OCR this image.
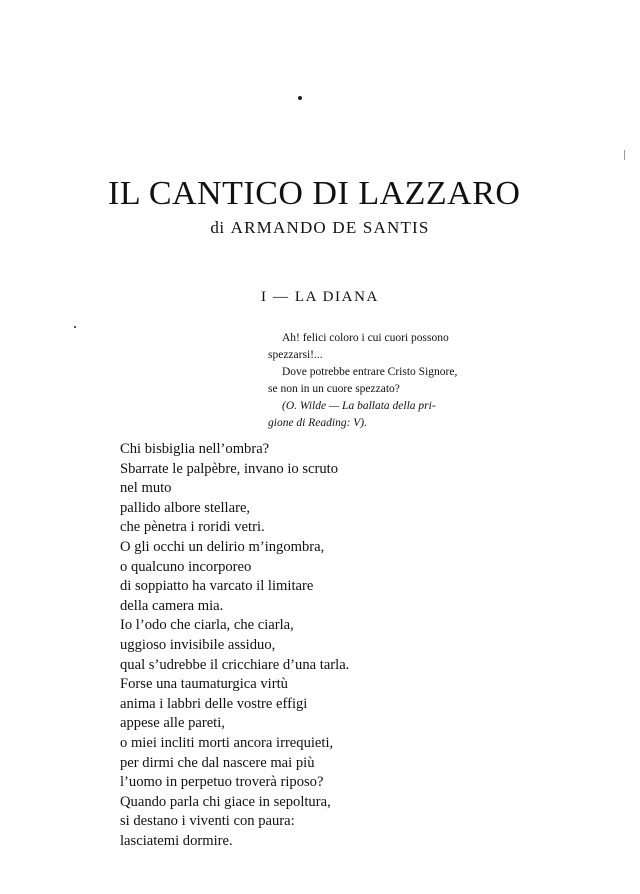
IL CANTICO DI LAZZARO
di ARMANDO DE SANTIS
I — LA DIANA
Ah! felici coloro i cui cuori possono
spezzarsi!...
Dove potrebbe entrare Cristo Signore,
se non in un cuore spezzato?
(O. Wilde — La ballata della pri-
gione di Reading: V).
Chi bisbiglia nell’ombra?
Sbarrate le palpèbre, invano io scruto
nel muto
pallido albore stellare,
che pènetra i roridi vetri.
O gli occhi un delirio m’ingombra,
o qualcuno incorporeo
di soppiatto ha varcato il limitare
della camera mia.
Io l’odo che ciarla, che ciarla,
uggioso invisibile assiduo,
qual s’udrebbe il cricchiare d’una tarla.
Forse una taumaturgica virtù
anima i labbri delle vostre effigi
appese alle pareti,
o miei incliti morti ancora irrequieti,
per dirmi che dal nascere mai più
l’uomo in perpetuo troverà riposo?
Quando parla chi giace in sepoltura,
si destano i viventi con paura:
lasciatemi dormire.
